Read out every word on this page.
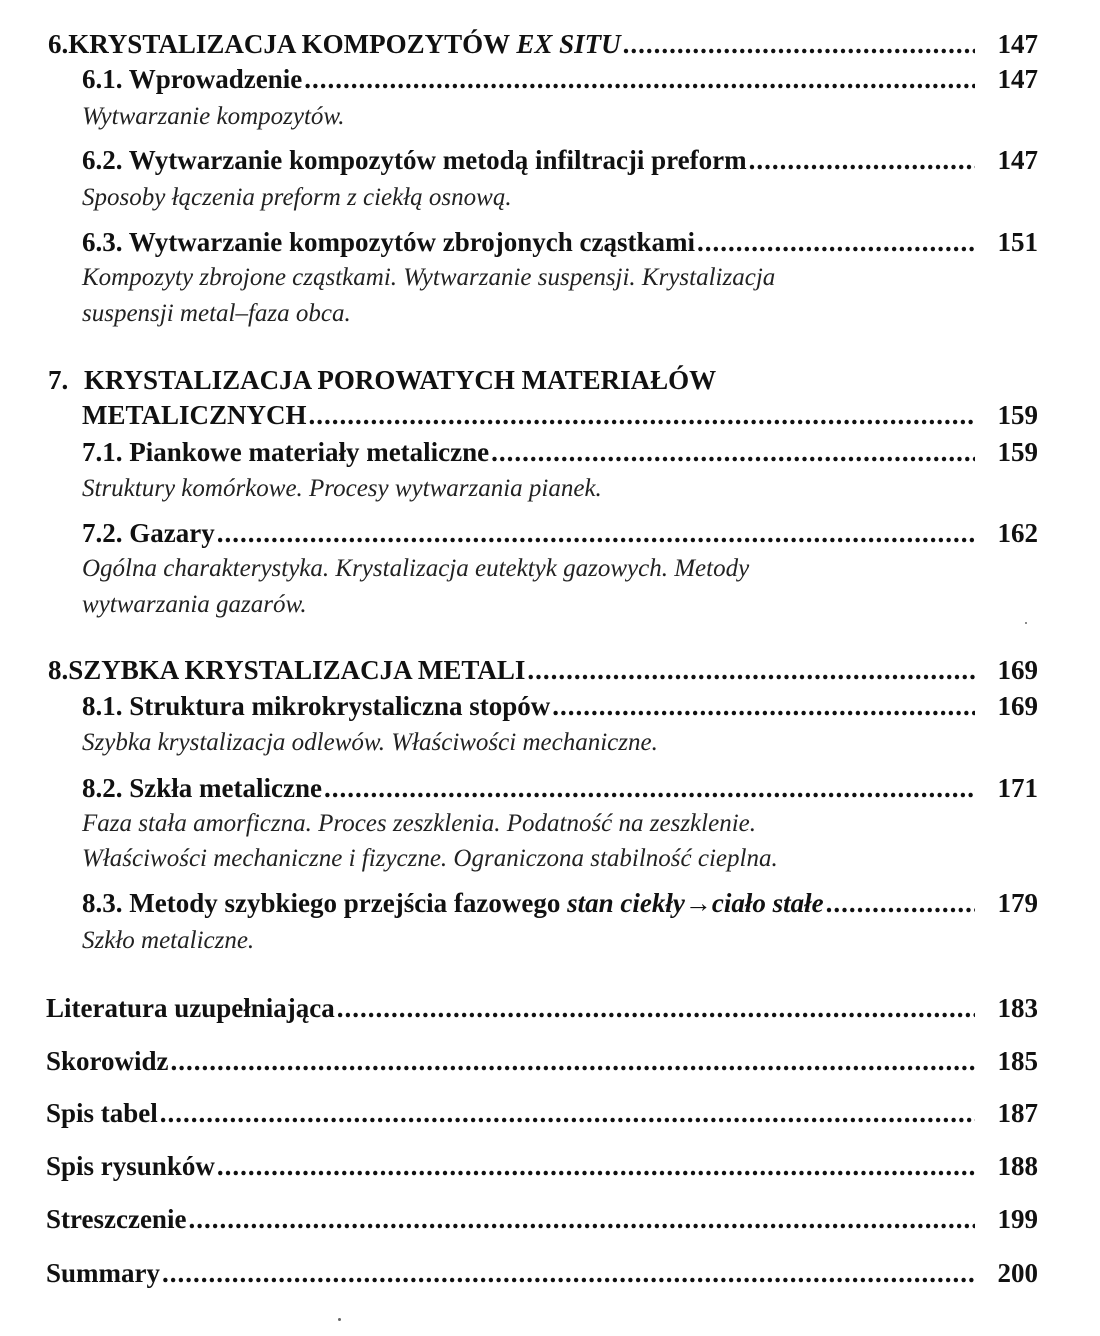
6. KRYSTALIZACJA KOMPOZYTÓW EX SITU .....	147
6.1. Wprowadzenie .....	147
Wytwarzanie kompozytów.
6.2. Wytwarzanie kompozytów metodą infiltracji preform .....	147
Sposoby łączenia preform z ciekłą osnową.
6.3. Wytwarzanie kompozytów zbrojonych cząstkami .....	151
Kompozyty zbrojone cząstkami. Wytwarzanie suspensji. Krystalizacja
suspensji metal–faza obca.
7. KRYSTALIZACJA POROWATYCH MATERIAŁÓW
METALICZNYCH .....	159
7.1. Piankowe materiały metaliczne .....	159
Struktury komórkowe. Procesy wytwarzania pianek.
7.2. Gazary .....	162
Ogólna charakterystyka. Krystalizacja eutektyk gazowych. Metody
wytwarzania gazarów.
8. SZYBKA KRYSTALIZACJA METALI .....	169
8.1. Struktura mikrokrystaliczna stopów .....	169
Szybka krystalizacja odlewów. Właściwości mechaniczne.
8.2. Szkła metaliczne .....	171
Faza stała amorficzna. Proces zeszklenia. Podatność na zeszklenie.
Właściwości mechaniczne i fizyczne. Ograniczona stabilność cieplna.
8.3. Metody szybkiego przejścia fazowego stan ciekły→ciało stałe .....	179
Szkło metaliczne.
Literatura uzupełniająca .....	183
Skorowidz .....	185
Spis tabel .....	187
Spis rysunków .....	188
Streszczenie .....	199
Summary .....	200
